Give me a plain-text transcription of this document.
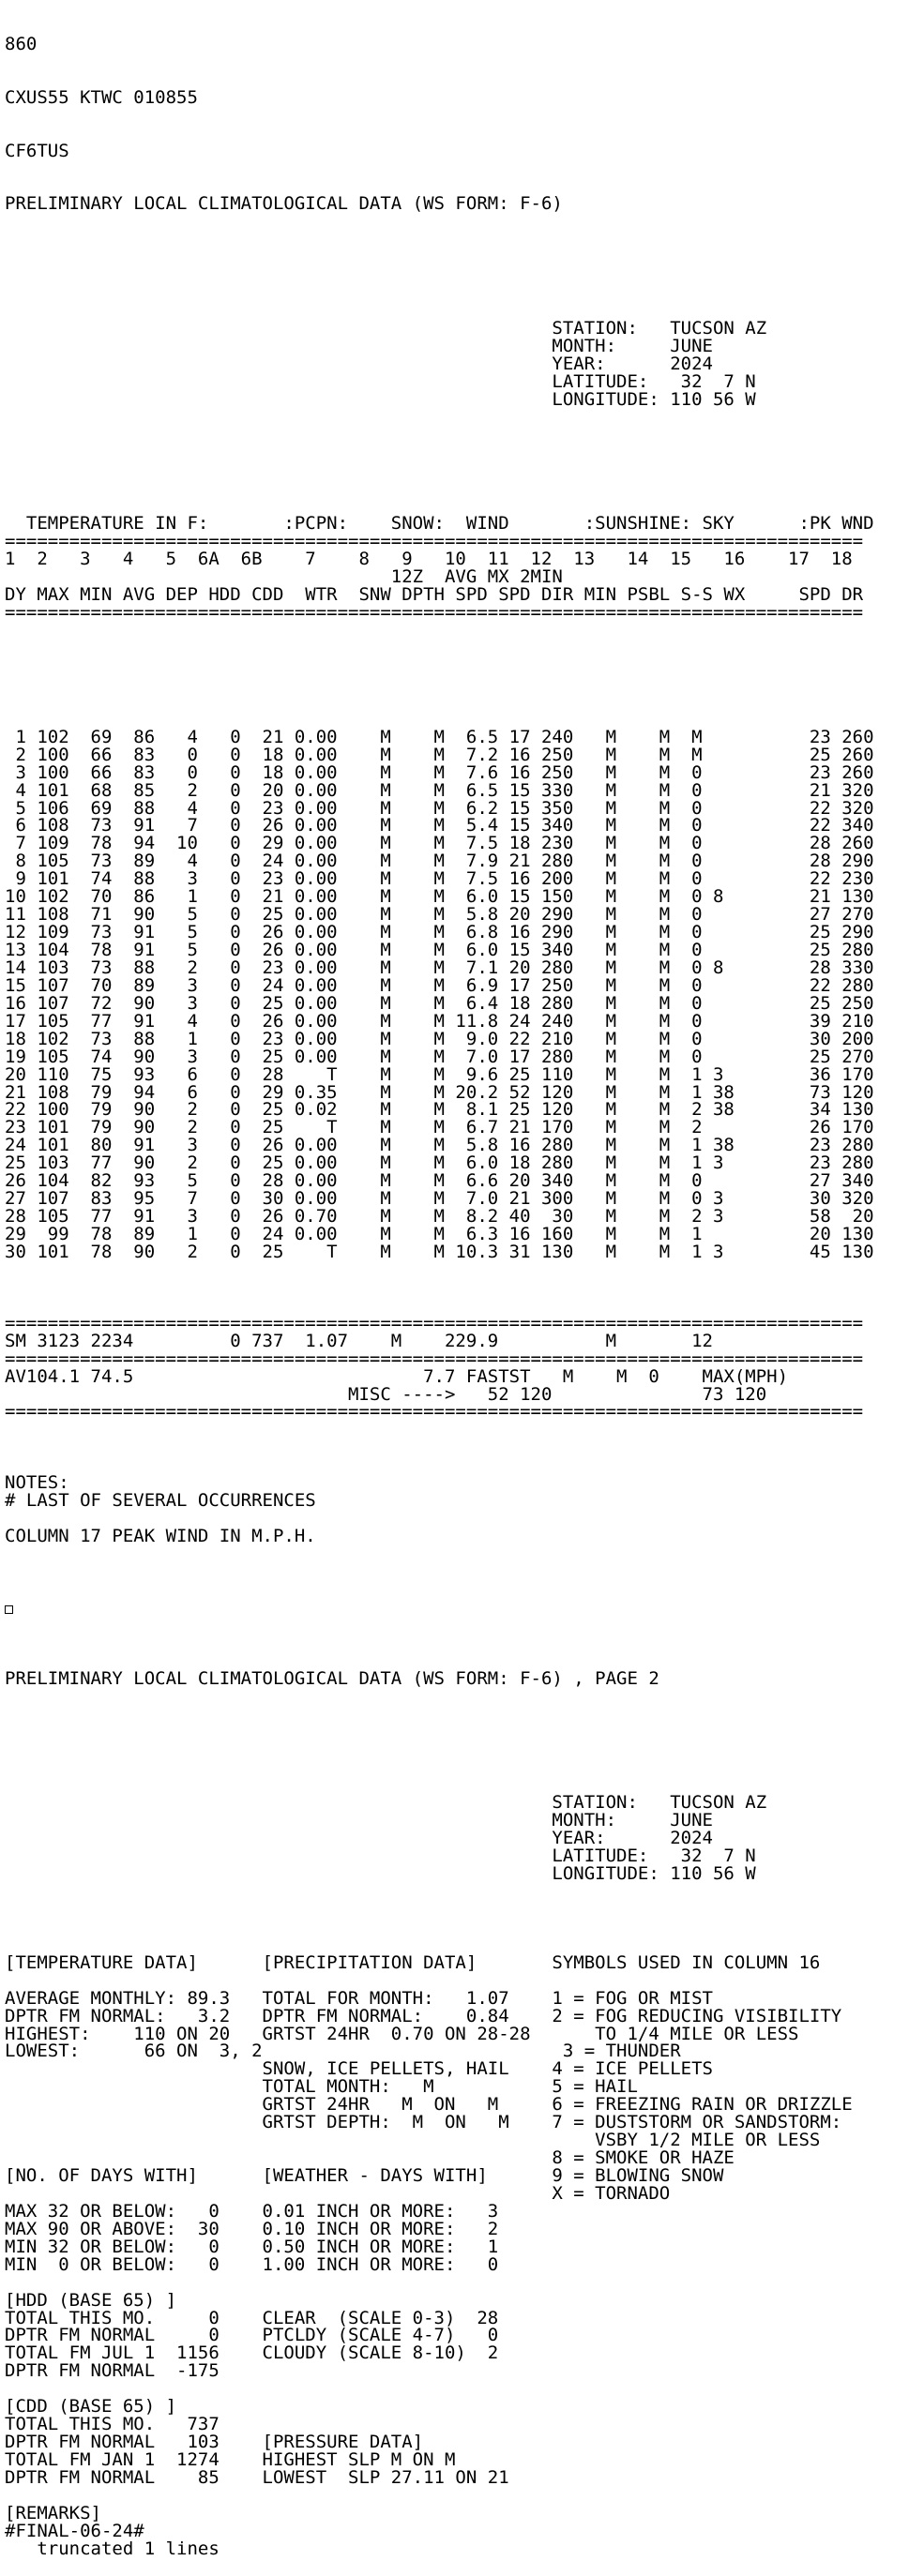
860

CXUS55 KTWC 010855

CF6TUS

PRELIMINARY LOCAL CLIMATOLOGICAL DATA (WS FORM: F-6)

STATION:   TUCSON AZ
MONTH:     JUNE
YEAR:      2024
LATITUDE:   32  7 N
LONGITUDE: 110 56 W

TEMPERATURE IN F:       :PCPN:    SNOW:  WIND       :SUNSHINE: SKY      :PK WND
================================================================================
1  2   3   4   5  6A  6B    7    8   9   10  11  12  13   14  15   16    17  18
12Z  AVG MX 2MIN
DY MAX MIN AVG DEP HDD CDD  WTR  SNW DPTH SPD SPD DIR MIN PSBL S-S WX     SPD DR
================================================================================

1 102  69  86   4   0  21 0.00    M    M  6.5 17 240   M    M  M          23 260
2 100  66  83   0   0  18 0.00    M    M  7.2 16 250   M    M  M          25 260
3 100  66  83   0   0  18 0.00    M    M  7.6 16 250   M    M  0          23 260
4 101  68  85   2   0  20 0.00    M    M  6.5 15 330   M    M  0          21 320
5 106  69  88   4   0  23 0.00    M    M  6.2 15 350   M    M  0          22 320
6 108  73  91   7   0  26 0.00    M    M  5.4 15 340   M    M  0          22 340
7 109  78  94  10   0  29 0.00    M    M  7.5 18 230   M    M  0          28 260
8 105  73  89   4   0  24 0.00    M    M  7.9 21 280   M    M  0          28 290
9 101  74  88   3   0  23 0.00    M    M  7.5 16 200   M    M  0          22 230
10 102  70  86   1   0  21 0.00    M    M  6.0 15 150   M    M  0 8        21 130
11 108  71  90   5   0  25 0.00    M    M  5.8 20 290   M    M  0          27 270
12 109  73  91   5   0  26 0.00    M    M  6.8 16 290   M    M  0          25 290
13 104  78  91   5   0  26 0.00    M    M  6.0 15 340   M    M  0          25 280
14 103  73  88   2   0  23 0.00    M    M  7.1 20 280   M    M  0 8        28 330
15 107  70  89   3   0  24 0.00    M    M  6.9 17 250   M    M  0          22 280
16 107  72  90   3   0  25 0.00    M    M  6.4 18 280   M    M  0          25 250
17 105  77  91   4   0  26 0.00    M    M 11.8 24 240   M    M  0          39 210
18 102  73  88   1   0  23 0.00    M    M  9.0 22 210   M    M  0          30 200
19 105  74  90   3   0  25 0.00    M    M  7.0 17 280   M    M  0          25 270
20 110  75  93   6   0  28    T    M    M  9.6 25 110   M    M  1 3        36 170
21 108  79  94   6   0  29 0.35    M    M 20.2 52 120   M    M  1 38       73 120
22 100  79  90   2   0  25 0.02    M    M  8.1 25 120   M    M  2 38       34 130
23 101  79  90   2   0  25    T    M    M  6.7 21 170   M    M  2          26 170
24 101  80  91   3   0  26 0.00    M    M  5.8 16 280   M    M  1 38       23 280
25 103  77  90   2   0  25 0.00    M    M  6.0 18 280   M    M  1 3        23 280
26 104  82  93   5   0  28 0.00    M    M  6.6 20 340   M    M  0          27 340
27 107  83  95   7   0  30 0.00    M    M  7.0 21 300   M    M  0 3        30 320
28 105  77  91   3   0  26 0.70    M    M  8.2 40  30   M    M  2 3        58  20
29  99  78  89   1   0  24 0.00    M    M  6.3 16 160   M    M  1          20 130
30 101  78  90   2   0  25    T    M    M 10.3 31 130   M    M  1 3        45 130

================================================================================
SM 3123 2234         0 737  1.07    M    229.9          M       12
================================================================================
AV104.1 74.5                           7.7 FASTST   M    M  0    MAX(MPH)
MISC ---->   52 120              73 120
================================================================================

NOTES:
# LAST OF SEVERAL OCCURRENCES
COLUMN 17 PEAK WIND IN M.P.H.

PRELIMINARY LOCAL CLIMATOLOGICAL DATA (WS FORM: F-6) , PAGE 2

STATION:   TUCSON AZ
MONTH:     JUNE
YEAR:      2024
LATITUDE:   32  7 N
LONGITUDE: 110 56 W

[TEMPERATURE DATA]      [PRECIPITATION DATA]       SYMBOLS USED IN COLUMN 16
AVERAGE MONTHLY: 89.3   TOTAL FOR MONTH:   1.07    1 = FOG OR MIST
DPTR FM NORMAL:   3.2   DPTR FM NORMAL:    0.84    2 = FOG REDUCING VISIBILITY
HIGHEST:    110 ON 20   GRTST 24HR  0.70 ON 28-28      TO 1/4 MILE OR LESS
LOWEST:      66 ON  3, 2                            3 = THUNDER
SNOW, ICE PELLETS, HAIL    4 = ICE PELLETS
TOTAL MONTH:   M           5 = HAIL
GRTST 24HR   M  ON   M     6 = FREEZING RAIN OR DRIZZLE
GRTST DEPTH:  M  ON   M    7 = DUSTSTORM OR SANDSTORM:
VSBY 1/2 MILE OR LESS
8 = SMOKE OR HAZE
[NO. OF DAYS WITH]      [WEATHER - DAYS WITH]      9 = BLOWING SNOW
X = TORNADO
MAX 32 OR BELOW:   0    0.01 INCH OR MORE:   3
MAX 90 OR ABOVE:  30    0.10 INCH OR MORE:   2
MIN 32 OR BELOW:   0    0.50 INCH OR MORE:   1
MIN  0 OR BELOW:   0    1.00 INCH OR MORE:   0
[HDD (BASE 65) ]
TOTAL THIS MO.     0    CLEAR  (SCALE 0-3)  28
DPTR FM NORMAL     0    PTCLDY (SCALE 4-7)   0
TOTAL FM JUL 1  1156    CLOUDY (SCALE 8-10)  2
DPTR FM NORMAL  -175
[CDD (BASE 65) ]
TOTAL THIS MO.   737
DPTR FM NORMAL   103    [PRESSURE DATA]
TOTAL FM JAN 1  1274    HIGHEST SLP M ON M
DPTR FM NORMAL    85    LOWEST  SLP 27.11 ON 21
[REMARKS]
#FINAL-06-24#
truncated 1 lines
